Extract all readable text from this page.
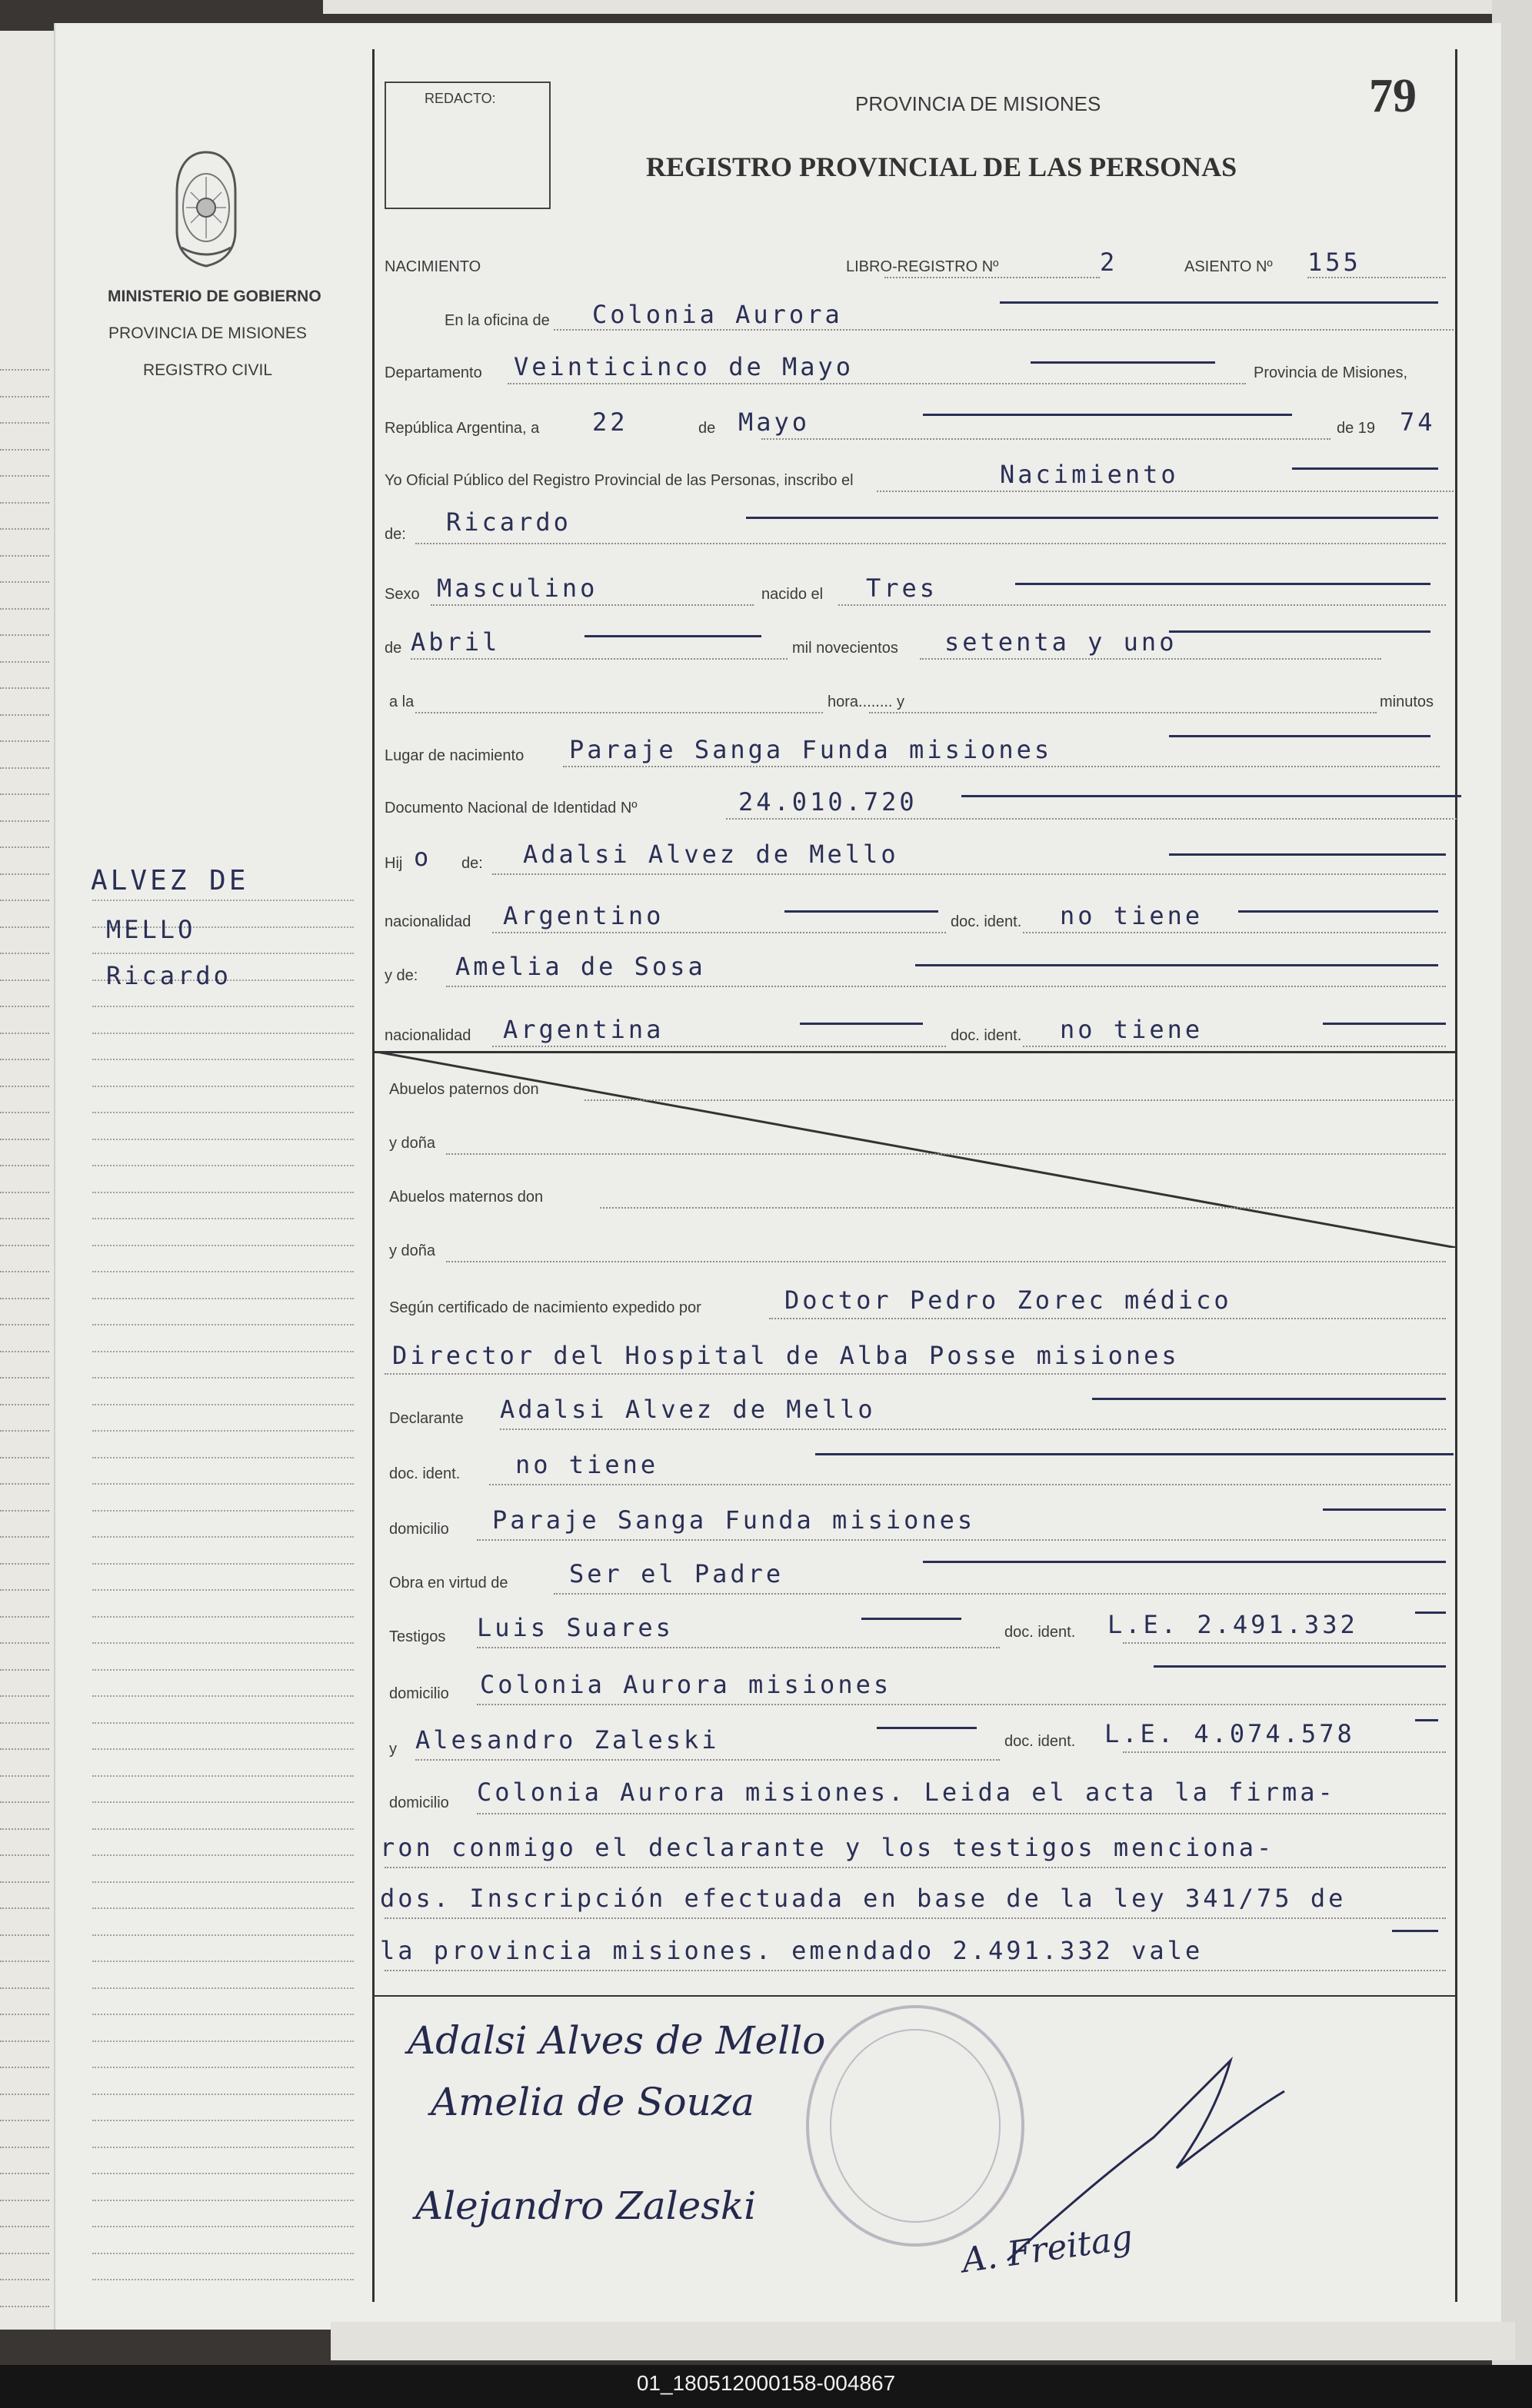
MINISTERIO DE GOBIERNO
PROVINCIA DE MISIONES
REGISTRO CIVIL
ALVEZ DE
MELLO
Ricardo
REDACTO:	PROVINCIA DE MISIONES
REGISTRO PROVINCIAL DE LAS PERSONAS
79
NACIMIENTO	LIBRO-REGISTRO Nº	2	ASIENTO Nº 155
En la oficina de Colonia Aurora
Departamento Veinticinco de Mayo	Provincia de Misiones,
República Argentina, a 22	de Mayo	de 19 74
Yo Oficial Público del Registro Provincial de las Personas, inscribo el	Nacimiento
de: Ricardo
Sexo Masculino	nacido el Tres
de Abril	mil novecientos setenta y uno
a la	hora........ y	minutos
Lugar de nacimiento Paraje Sanga Funda misiones
Documento Nacional de Identidad Nº	24.010.720
Hij o de: Adalsi Alvez de Mello
nacionalidad Argentino	doc. ident. no tiene
y de: Amelia de Sosa
nacionalidad Argentina	doc. ident. no tiene
Abuelos paternos don
y doña
Abuelos maternos don
y doña
Según certificado de nacimiento expedido por	Doctor Pedro Zorec médico
Director del Hospital de Alba Posse misiones
Declarante Adalsi Alvez de Mello
doc. ident. no tiene
domicilio Paraje Sanga Funda misiones
Obra en virtud de Ser el Padre
Testigos Luis Suares	doc. ident. L.E. 2.491.332
domicilio Colonia Aurora misiones
y Alesandro Zaleski	doc. ident. L.E. 4.074.578
domicilio Colonia Aurora misiones. Leida el acta la firma-
ron conmigo el declarante y los testigos menciona-
dos. Inscripción efectuada en base de la ley 341/75 de
la provincia misiones. emendado 2.491.332 vale
Adalsi Alves de Mello
Amelia de Souza
Alejandro Zaleski
A. Freitag
01_180512000158-004867
